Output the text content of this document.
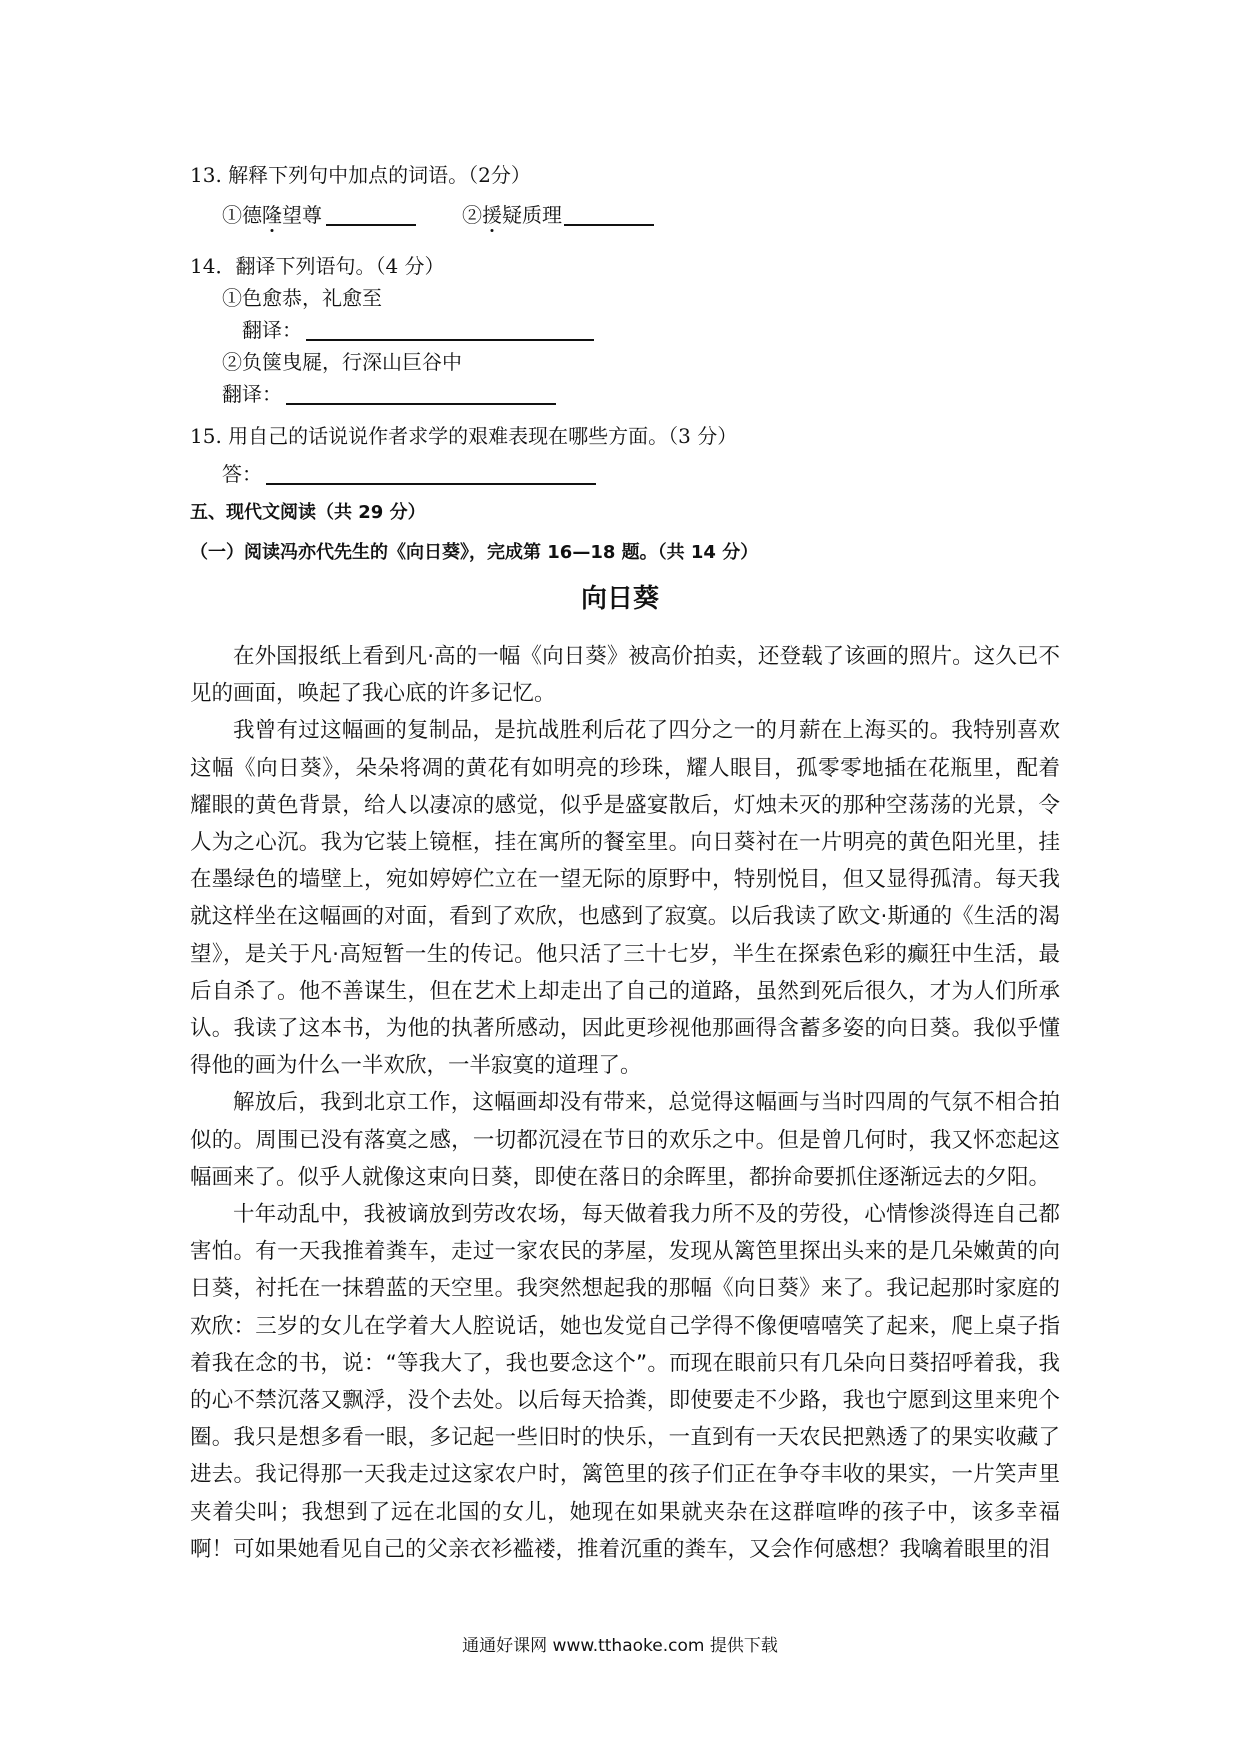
13. 解释下列句中加点的词语。（2分）
①德隆望尊	②援疑质理
14．翻译下列语句。（4 分）
①色愈恭，礼愈至
翻译：
②负箧曳屣，行深山巨谷中
翻译：
15. 用自己的话说说作者求学的艰难表现在哪些方面。（3 分）
答：
五、现代文阅读（共 29 分）
（一）阅读冯亦代先生的《向日葵》，完成第 16—18 题。（共 14 分）
向日葵

在外国报纸上看到凡·高的一幅《向日葵》被高价拍卖，还登载了该画的照片。这久已不见的画面，唤起了我心底的许多记忆。

我曾有过这幅画的复制品，是抗战胜利后花了四分之一的月薪在上海买的。我特别喜欢这幅《向日葵》，朵朵将凋的黄花有如明亮的珍珠，耀人眼目，孤零零地插在花瓶里，配着耀眼的黄色背景，给人以凄凉的感觉，似乎是盛宴散后，灯烛未灭的那种空荡荡的光景，令人为之心沉。我为它装上镜框，挂在寓所的餐室里。向日葵衬在一片明亮的黄色阳光里，挂在墨绿色的墙壁上，宛如婷婷伫立在一望无际的原野中，特别悦目，但又显得孤清。每天我就这样坐在这幅画的对面，看到了欢欣，也感到了寂寞。以后我读了欧文·斯通的《生活的渴望》，是关于凡·高短暂一生的传记。他只活了三十七岁，半生在探索色彩的癫狂中生活，最后自杀了。他不善谋生，但在艺术上却走出了自己的道路，虽然到死后很久，才为人们所承认。我读了这本书，为他的执著所感动，因此更珍视他那画得含蓄多姿的向日葵。我似乎懂得他的画为什么一半欢欣，一半寂寞的道理了。

解放后，我到北京工作，这幅画却没有带来，总觉得这幅画与当时四周的气氛不相合拍似的。周围已没有落寞之感，一切都沉浸在节日的欢乐之中。但是曾几何时，我又怀恋起这幅画来了。似乎人就像这束向日葵，即使在落日的余晖里，都拚命要抓住逐渐远去的夕阳。

十年动乱中，我被谪放到劳改农场，每天做着我力所不及的劳役，心情惨淡得连自己都害怕。有一天我推着粪车，走过一家农民的茅屋，发现从篱笆里探出头来的是几朵嫩黄的向日葵，衬托在一抹碧蓝的天空里。我突然想起我的那幅《向日葵》来了。我记起那时家庭的欢欣：三岁的女儿在学着大人腔说话，她也发觉自己学得不像便嘻嘻笑了起来，爬上桌子指着我在念的书，说：“等我大了，我也要念这个”。而现在眼前只有几朵向日葵招呼着我，我的心不禁沉落又飘浮，没个去处。以后每天拾粪，即使要走不少路，我也宁愿到这里来兜个圈。我只是想多看一眼，多记起一些旧时的快乐，一直到有一天农民把熟透了的果实收藏了进去。我记得那一天我走过这家农户时，篱笆里的孩子们正在争夺丰收的果实，一片笑声里夹着尖叫；我想到了远在北国的女儿，她现在如果就夹杂在这群喧哗的孩子中，该多幸福啊！可如果她看见自己的父亲衣衫褴褛，推着沉重的粪车，又会作何感想？我噙着眼里的泪

通通好课网 www.tthaoke.com 提供下载
